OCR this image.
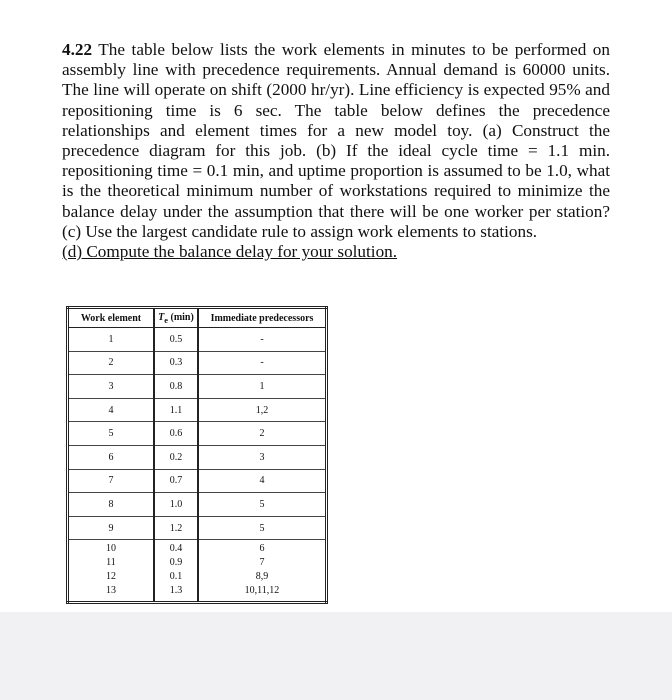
4.22 The table below lists the work elements in minutes to be performed on assembly line with precedence requirements. Annual demand is 60000 units. The line will operate on shift (2000 hr/yr). Line efficiency is expected 95% and repositioning time is 6 sec. The table below defines the precedence relationships and element times for a new model toy. (a) Construct the precedence diagram for this job. (b) If the ideal cycle time = 1.1 min. repositioning time = 0.1 min, and uptime proportion is assumed to be 1.0, what is the theoretical minimum number of workstations required to minimize the balance delay under the assumption that there will be one worker per station? (c) Use the largest candidate rule to assign work elements to stations.
(d) Compute the balance delay for your solution.

Work element	$T_e$ (min)	Immediate predecessors
1	0.5	-
2	0.3	-
3	0.8	1
4	1.1	1,2
5	0.6	2
6	0.2	3
7	0.7	4
8	1.0	5
9	1.2	5
10	0.4	6
11	0.9	7
12	0.1	8,9
13	1.3	10,11,12
